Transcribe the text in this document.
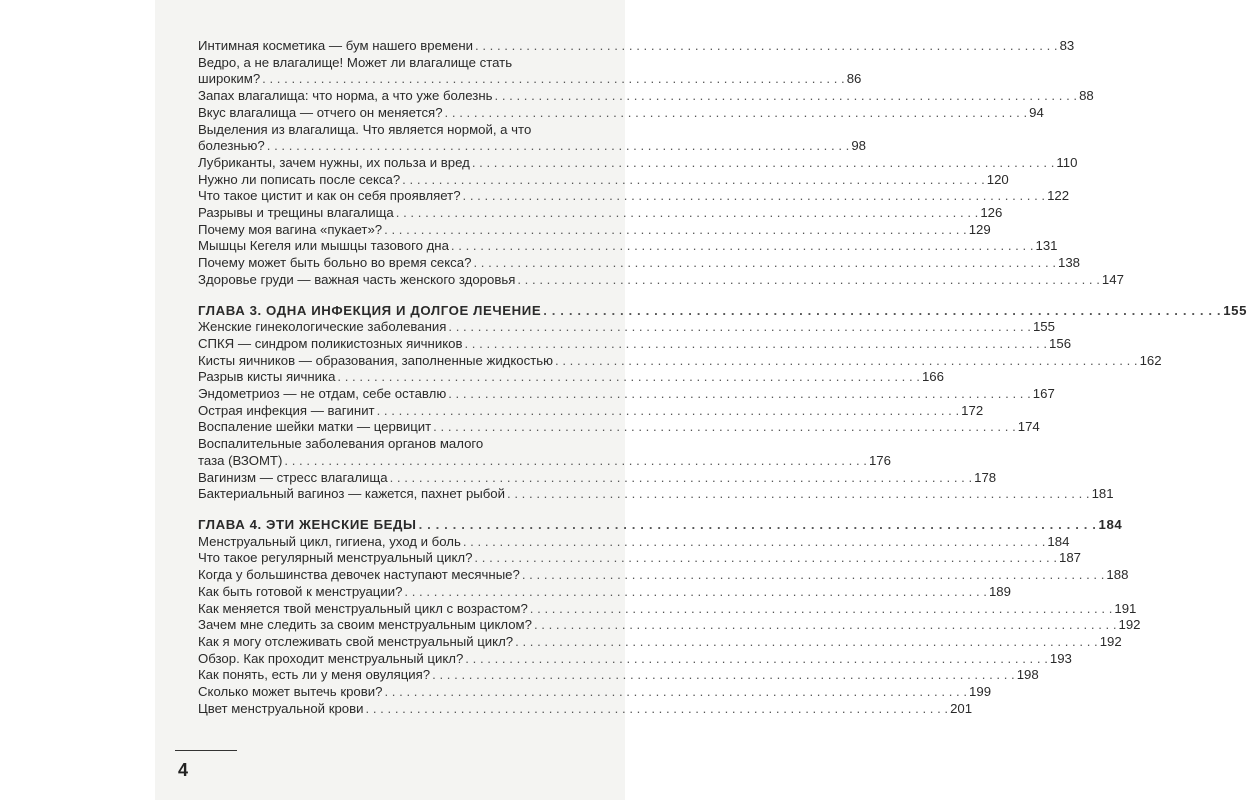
Интимная косметика — бум нашего времени . . .	83
Ведро, а не влагалище! Может ли влагалище стать
широким? . . .	86
Запах влагалища: что норма, а что уже болезнь . . .	88
Вкус влагалища — отчего он меняется? . . .	94
Выделения из влагалища. Что является нормой, а что
болезнью? . . .	98
Лубриканты, зачем нужны, их польза и вред . . .	110
Нужно ли пописать после секса? . . .	120
Что такое цистит и как он себя проявляет? . . .	122
Разрывы и трещины влагалища . . .	126
Почему моя вагина «пукает»? . . .	129
Мышцы Кегеля или мышцы тазового дна . . .	131
Почему может быть больно во время секса? . . .	138
Здоровье груди — важная часть женского здоровья . . .	147
ГЛАВА 3. ОДНА ИНФЕКЦИЯ И ДОЛГОЕ ЛЕЧЕНИЕ . . .	155
Женские гинекологические заболевания . . .	155
СПКЯ — синдром поликистозных яичников . . .	156
Кисты яичников — образования, заполненные жидкостью . . .	162
Разрыв кисты яичника . . .	166
Эндометриоз — не отдам, себе оставлю . . .	167
Острая инфекция — вагинит . . .	172
Воспаление шейки матки — цервицит . . .	174
Воспалительные заболевания органов малого
таза (ВЗОМТ) . . .	176
Вагинизм — стресс влагалища . . .	178
Бактериальный вагиноз — кажется, пахнет рыбой . . .	181
ГЛАВА 4. ЭТИ ЖЕНСКИЕ БЕДЫ . . .	184
Менструальный цикл, гигиена, уход и боль . . .	184
Что такое регулярный менструальный цикл? . . .	187
Когда у большинства девочек наступают месячные? . . .	188
Как быть готовой к менструации? . . .	189
Как меняется твой менструальный цикл с возрастом? . . .	191
Зачем мне следить за своим менструальным циклом? . . .	192
Как я могу отслеживать свой менструальный цикл? . . .	192
Обзор. Как проходит менструальный цикл? . . .	193
Как понять, есть ли у меня овуляция? . . .	198
Сколько может вытечь крови? . . .	199
Цвет менструальной крови . . .	201
4
